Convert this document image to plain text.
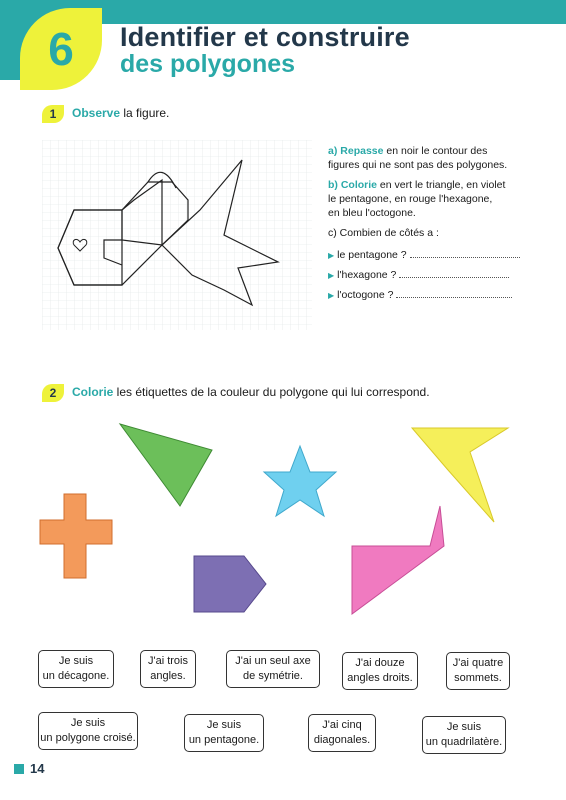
6 Identifier et construire
des polygones
1 Observe la figure.
a) Repasse en noir le contour des
figures qui ne sont pas des polygones.
b) Colorie en vert le triangle, en violet
le pentagone, en rouge l'hexagone,
en bleu l'octogone.
c) Combien de côtés a :
▶ le pentagone ?
▶ l'hexagone ?
▶ l'octogone ?
2 Colorie les étiquettes de la couleur du polygone qui lui correspond.
Je suis
un décagone.
J'ai trois
angles.
J'ai un seul axe
de symétrie.
J'ai douze
angles droits.
J'ai quatre
sommets.
Je suis
un polygone croisé.
Je suis
un pentagone.
J'ai cinq
diagonales.
Je suis
un quadrilatère.
14
